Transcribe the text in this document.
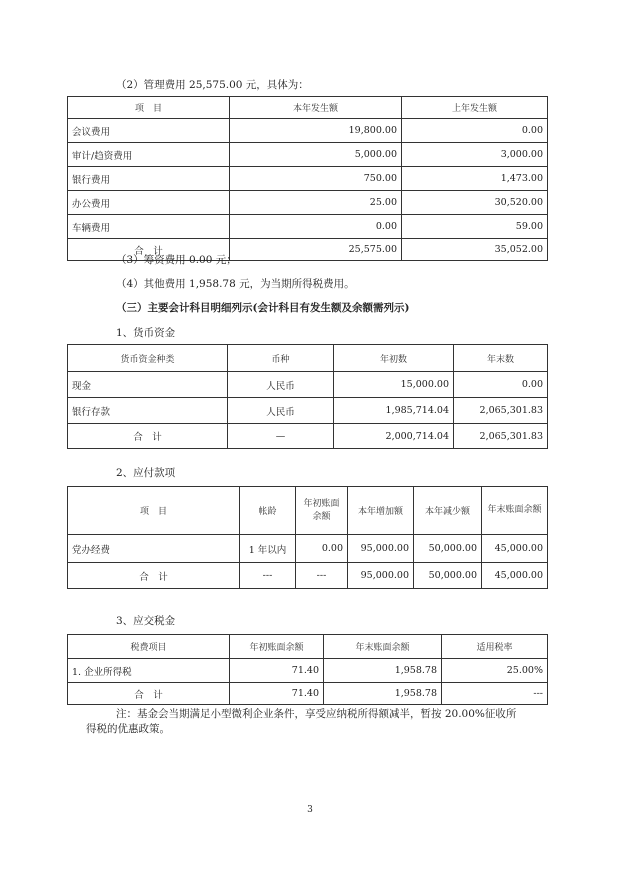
（2）管理费用 25,575.00 元，具体为：
项　目	本年发生额	上年发生额
会议费用	19,800.00	0.00
审计/趋资费用	5,000.00	3,000.00
银行费用	750.00	1,473.00
办公费用	25.00	30,520.00
车辆费用	0.00	59.00
合　计	25,575.00	35,052.00
（3）筹资费用 0.00 元；
（4）其他费用 1,958.78 元，为当期所得税费用。
（三）主要会计科目明细列示(会计科目有发生额及余额需列示)
1、货币资金
货币资金种类	币种	年初数	年末数
现金	人民币	15,000.00	0.00
银行存款	人民币	1,985,714.04	2,065,301.83
合　计	—	2,000,714.04	2,065,301.83
2、应付款项
项　目	帐龄	年初账面余额	本年增加额	本年减少额	年末账面余额
党办经费	1 年以内	0.00	95,000.00	50,000.00	45,000.00
合　计	---	---	95,000.00	50,000.00	45,000.00
3、应交税金
税费项目	年初账面余额	年末账面余额	适用税率
1. 企业所得税	71.40	1,958.78	25.00%
合　计	71.40	1,958.78	---
注：基金会当期满足小型微利企业条件，享受应纳税所得额减半，暂按 20.00%征收所
得税的优惠政策。
3
